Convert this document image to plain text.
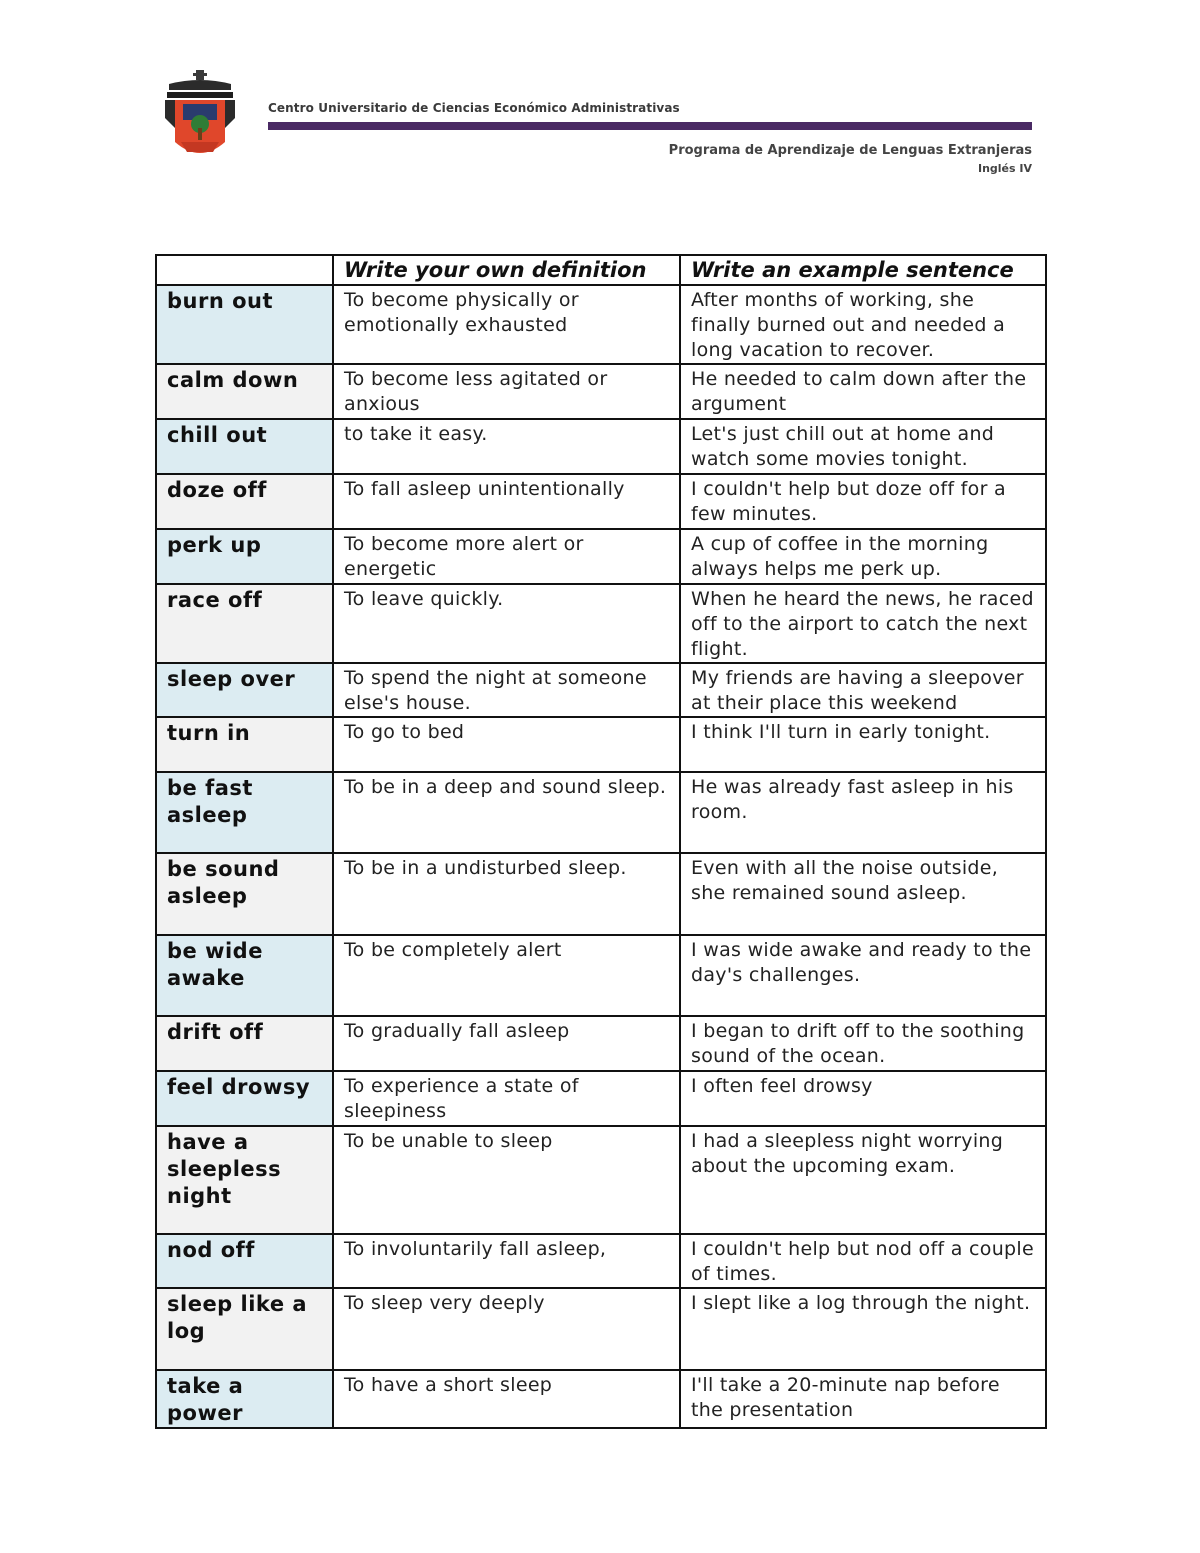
Centro Universitario de Ciencias Económico Administrativas
Programa de Aprendizaje de Lenguas Extranjeras
Inglés IV
	Write your own definition	Write an example sentence
burn out	To become physically or emotionally exhausted	After months of working, she finally burned out and needed a long vacation to recover.
calm down	To become less agitated or anxious	He needed to calm down after the argument
chill out	to take it easy.	Let's just chill out at home and watch some movies tonight.
doze off	To fall asleep unintentionally	I couldn't help but doze off for a few minutes.
perk up	To become more alert or energetic	A cup of coffee in the morning always helps me perk up.
race off	To leave quickly.	When he heard the news, he raced off to the airport to catch the next flight.
sleep over	To spend the night at someone else's house.	My friends are having a sleepover at their place this weekend
turn in	To go to bed	I think I'll turn in early tonight.
be fast asleep	To be in a deep and sound sleep.	He was already fast asleep in his room.
be sound asleep	To be in a undisturbed sleep.	Even with all the noise outside, she remained sound asleep.
be wide awake	To be completely alert	I was wide awake and ready to the day's challenges.
drift off	To gradually fall asleep	I began to drift off to the soothing sound of the ocean.
feel drowsy	To experience a state of sleepiness	I often feel drowsy
have a sleepless night	To be unable to sleep	I had a sleepless night worrying about the upcoming exam.
nod off	To involuntarily fall asleep,	I couldn't help but nod off a couple of times.
sleep like a log	To sleep very deeply	I slept like a log through the night.
take a power	To have a short sleep	I'll take a 20-minute nap before the presentation
